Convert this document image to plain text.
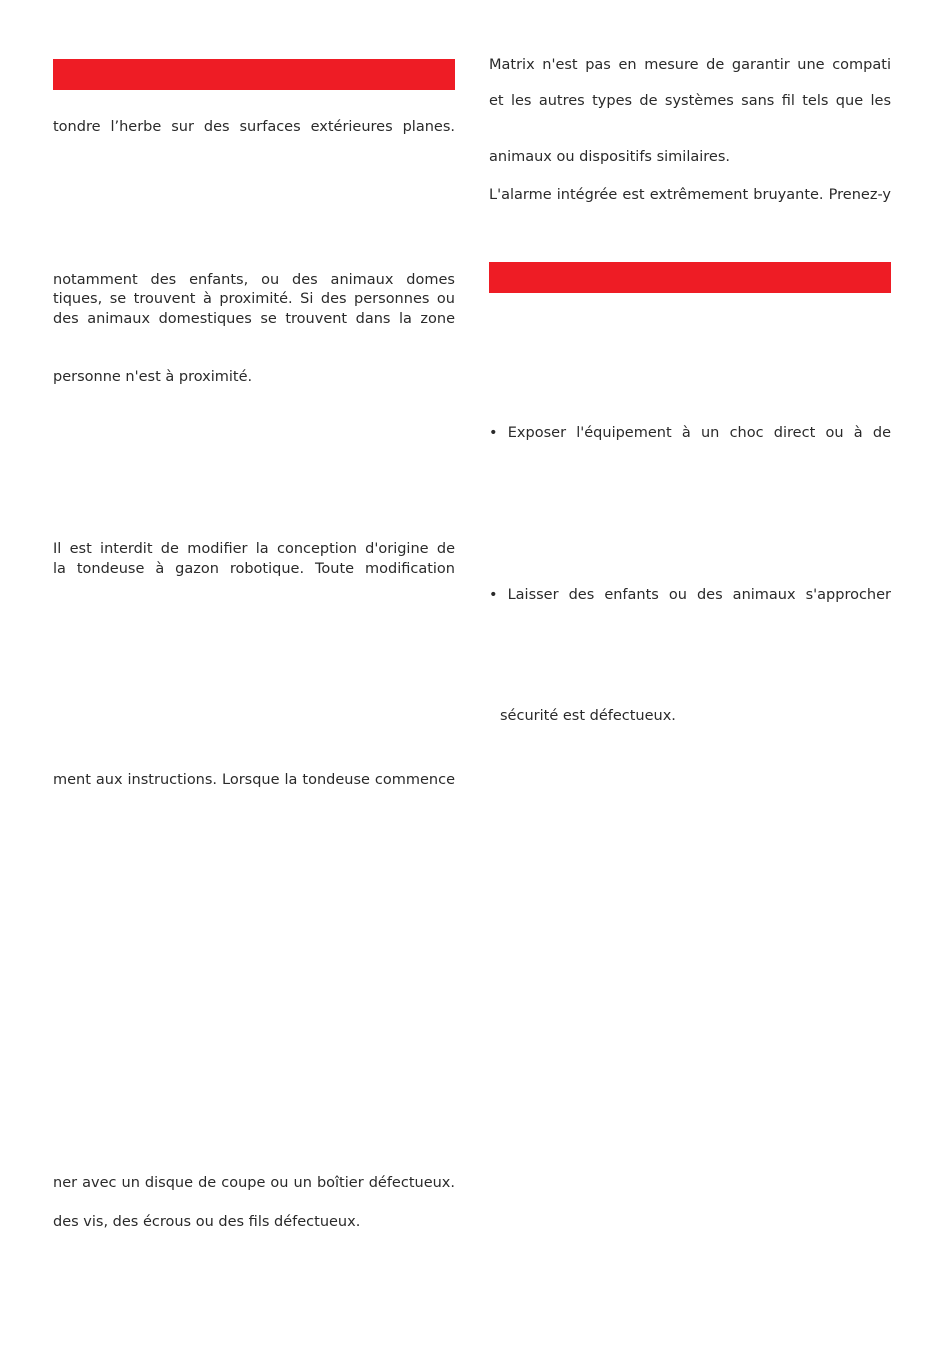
tondre l’herbe sur des surfaces extérieures planes.
notamment des enfants, ou des animaux domes
tiques, se trouvent à proximité. Si des personnes ou
des animaux domestiques se trouvent dans la zone
personne n'est à proximité.
Il est interdit de modifier la conception d'origine de
la tondeuse à gazon robotique. Toute modification
ment aux instructions. Lorsque la tondeuse commence
ner avec un disque de coupe ou un boîtier défectueux.
des vis, des écrous ou des fils défectueux.
Matrix n'est pas en mesure de garantir une compati
et les autres types de systèmes sans fil tels que les
animaux ou dispositifs similaires.
L'alarme intégrée est extrêmement bruyante. Prenez-y
• Exposer l'équipement à un choc direct ou à de
• Laisser des enfants ou des animaux s'approcher
sécurité est défectueux.
